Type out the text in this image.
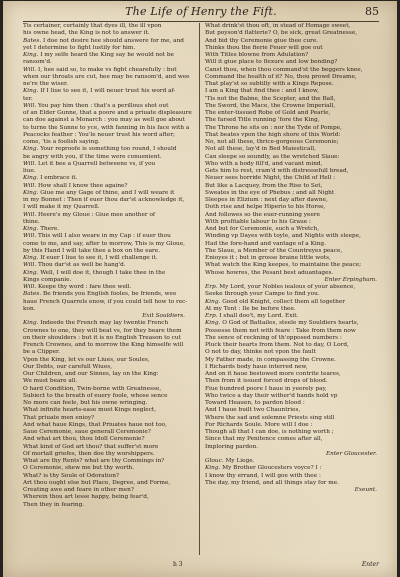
The Life of Henry the Fift.	85
Tis certainer, certainly that dyes ill, the ill vpon
his owne head, the King is not to answer it.
Bates. I doe not desire hee should answere for me, and
yet I determine to fight lustily for him.
King. I my selfe heard the King say he would not be
ransom'd.
Will. I, hee said so, to make vs fight chearefully : but
when our throats are cut, hee may be ransom'd, and wee
ne're the wiser.
King. If I liue to see it, I will neuer trust his word af-
ter.
Will. You pay him then : that's a perillous shot out
of an Elder Gunne, that a poore and a priuate displeasure
can doe against a Monarch : you may as well goe about
to turne the Sunne to yce, with fanning in his face with a
Peacocks feather : You'le neuer trust his word after;
come, 'tis a foolish saying.
King. Your reproofe is something too round, I should
be angry with you, if the time were conuenient.
Will. Let it bee a Quarrell betweene vs, if you
liue.
King. I embrace it.
Will. How shall I know thee againe?
King. Giue me any Gage of thine, and I will weare it
in my Bonnet : Then if euer thou dar'st acknowledge it,
I will make it my Quarrell.
Will. Heere's my Gloue : Giue mee another of
thine.
King. There.
Will. This will I also weare in my Cap : if euer thou
come to me, and say, after to morrow, This is my Gloue,
by this Hand I will take thee a box on the eare.
King. If euer I liue to see it, I will challenge it.
Will. Thou dar'st as well be hang'd.
King. Well, I will doe it, though I take thee in the
Kings companie.
Will. Keepe thy word : fare thee well.
Bates. Be friends you English fooles, be friends, wee
haue French Quarrels enow, if you could tell how to rec-
kon.
Exit Souldiers.
King. Indeede the French may lay twentie French
Crownes to one, they will beat vs, for they beare them
on their shoulders : but it is no English Treason to cut
French Crownes, and to morrow the King himselfe will
be a Clipper.
Vpon the King, let vs our Liues, our Soules,
Our Debts, our carefull Wiues,
Our Children, and our Sinnes, lay on the King:
We must beare all.
O hard Condition, Twin-borne with Greatnesse,
Subiect to the breath of euery foole, whose sence
No more can feele, but his owne wringing.
What infinite hearts-ease must Kings neglect,
That priuate men enioy?
And what haue Kings, that Priuates haue not too,
Saue Ceremonie, saue generall Ceremonie?
And what art thou, thou Idoll Ceremonie?
What kind of God art thou? that suffer'st more
Of mortall griefes, then doe thy worshippers.
What are thy Rents? what are thy Commings in?
O Ceremonie, shew me but thy worth.
What? is thy Soule of Odoration?
Art thou ought else but Place, Degree, and Forme,
Creating awe and feare in other men?
Wherein thou art lesse happy, being fear'd,
Then they in fearing.
What drink'st thou oft, in stead of Homage sweet,
But poyson'd flatterie? O, be sick, great Greatnesse,
And bid thy Ceremonie giue thee cure.
Thinks thou the fierie Feuer will goe out
With Titles blowne from Adulation?
Will it giue place to flexure and low bending?
Canst thou, when thou command'st the beggers knee,
Command the health of it? No, thou prowd Dreame,
That play'st so subtilly with a Kings Repose.
I am a King that find thee : and I know,
'Tis not the Balme, the Scepter, and the Ball,
The Sword, the Mace, the Crowne Imperiall,
The enter-tissued Robe of Gold and Pearle,
The farsed Title running 'fore the King,
The Throne he sits on : nor the Tyde of Pompe,
That beates vpon the high shore of this World:
No, not all these, thrice-gorgeous Ceremonie;
Not all these, lay'd in Bed Maiesticall,
Can sleepe so soundly, as the wretched Slaue:
Who with a body fill'd, and vacant mind,
Gets him to rest, cram'd with distressefull bread,
Neuer sees horride Night, the Child of Hell :
But like a Lacquey, from the Rise to Set,
Sweates in the eye of Phebus ; and all Night
Sleepes in Elizium : next day after dawne,
Doth rise and helpe Hiperio to his Horse,
And followes so the euer-running yeere
With profitable labour to his Graue :
And but for Ceremonie, such a Wretch,
Winding vp Dayes with toyle, and Nights with sleepe,
Had the fore-hand and vantage of a King.
The Slaue, a Member of the Countreyes peace,
Enioyes it ; but in grosse braine little wots,
What watch the King keepes, to maintaine the peace;
Whose howres, the Pesant best aduantages.
Enter Erpingham.
Erp. My Lord, your Nobles iealous of your absence,
Seeke through your Campe to find you.
King. Good old Knight, collect them all together
At my Tent : Ile be before thee.
Erp. I shall doo't, my Lord. Exit.
King. O God of Battailes, steele my Souldiers hearts,
Possesse them not with feare : Take from them now
The sence of reckning of th'opposed numbers :
Pluck their hearts from them. Not to day, O Lord,
O not to day, thinke not vpon the fault
My Father made, in compassing the Crowne.
I Richards body haue interred new,
And on it haue bestowed more contrite teares,
Then from it issued forced drops of blood.
Fiue hundred poore I haue in yeerely pay,
Who twice a day their wither'd hands hold vp
Toward Heauen, to pardon blood :
And I haue built two Chauntries,
Where the sad and solemne Priests sing still
For Richards Soule. More will I doe :
Though all that I can doe, is nothing worth ;
Since that my Penitence comes after all,
Imploring pardon.
Enter Gloucester.
Glouc. My Liege.
King. My Brother Gloucesters voyce? I :
I know thy errand, I will goe with thee :
The day, my friend, and all things stay for me.
Exeunt.
h 3	Enter
